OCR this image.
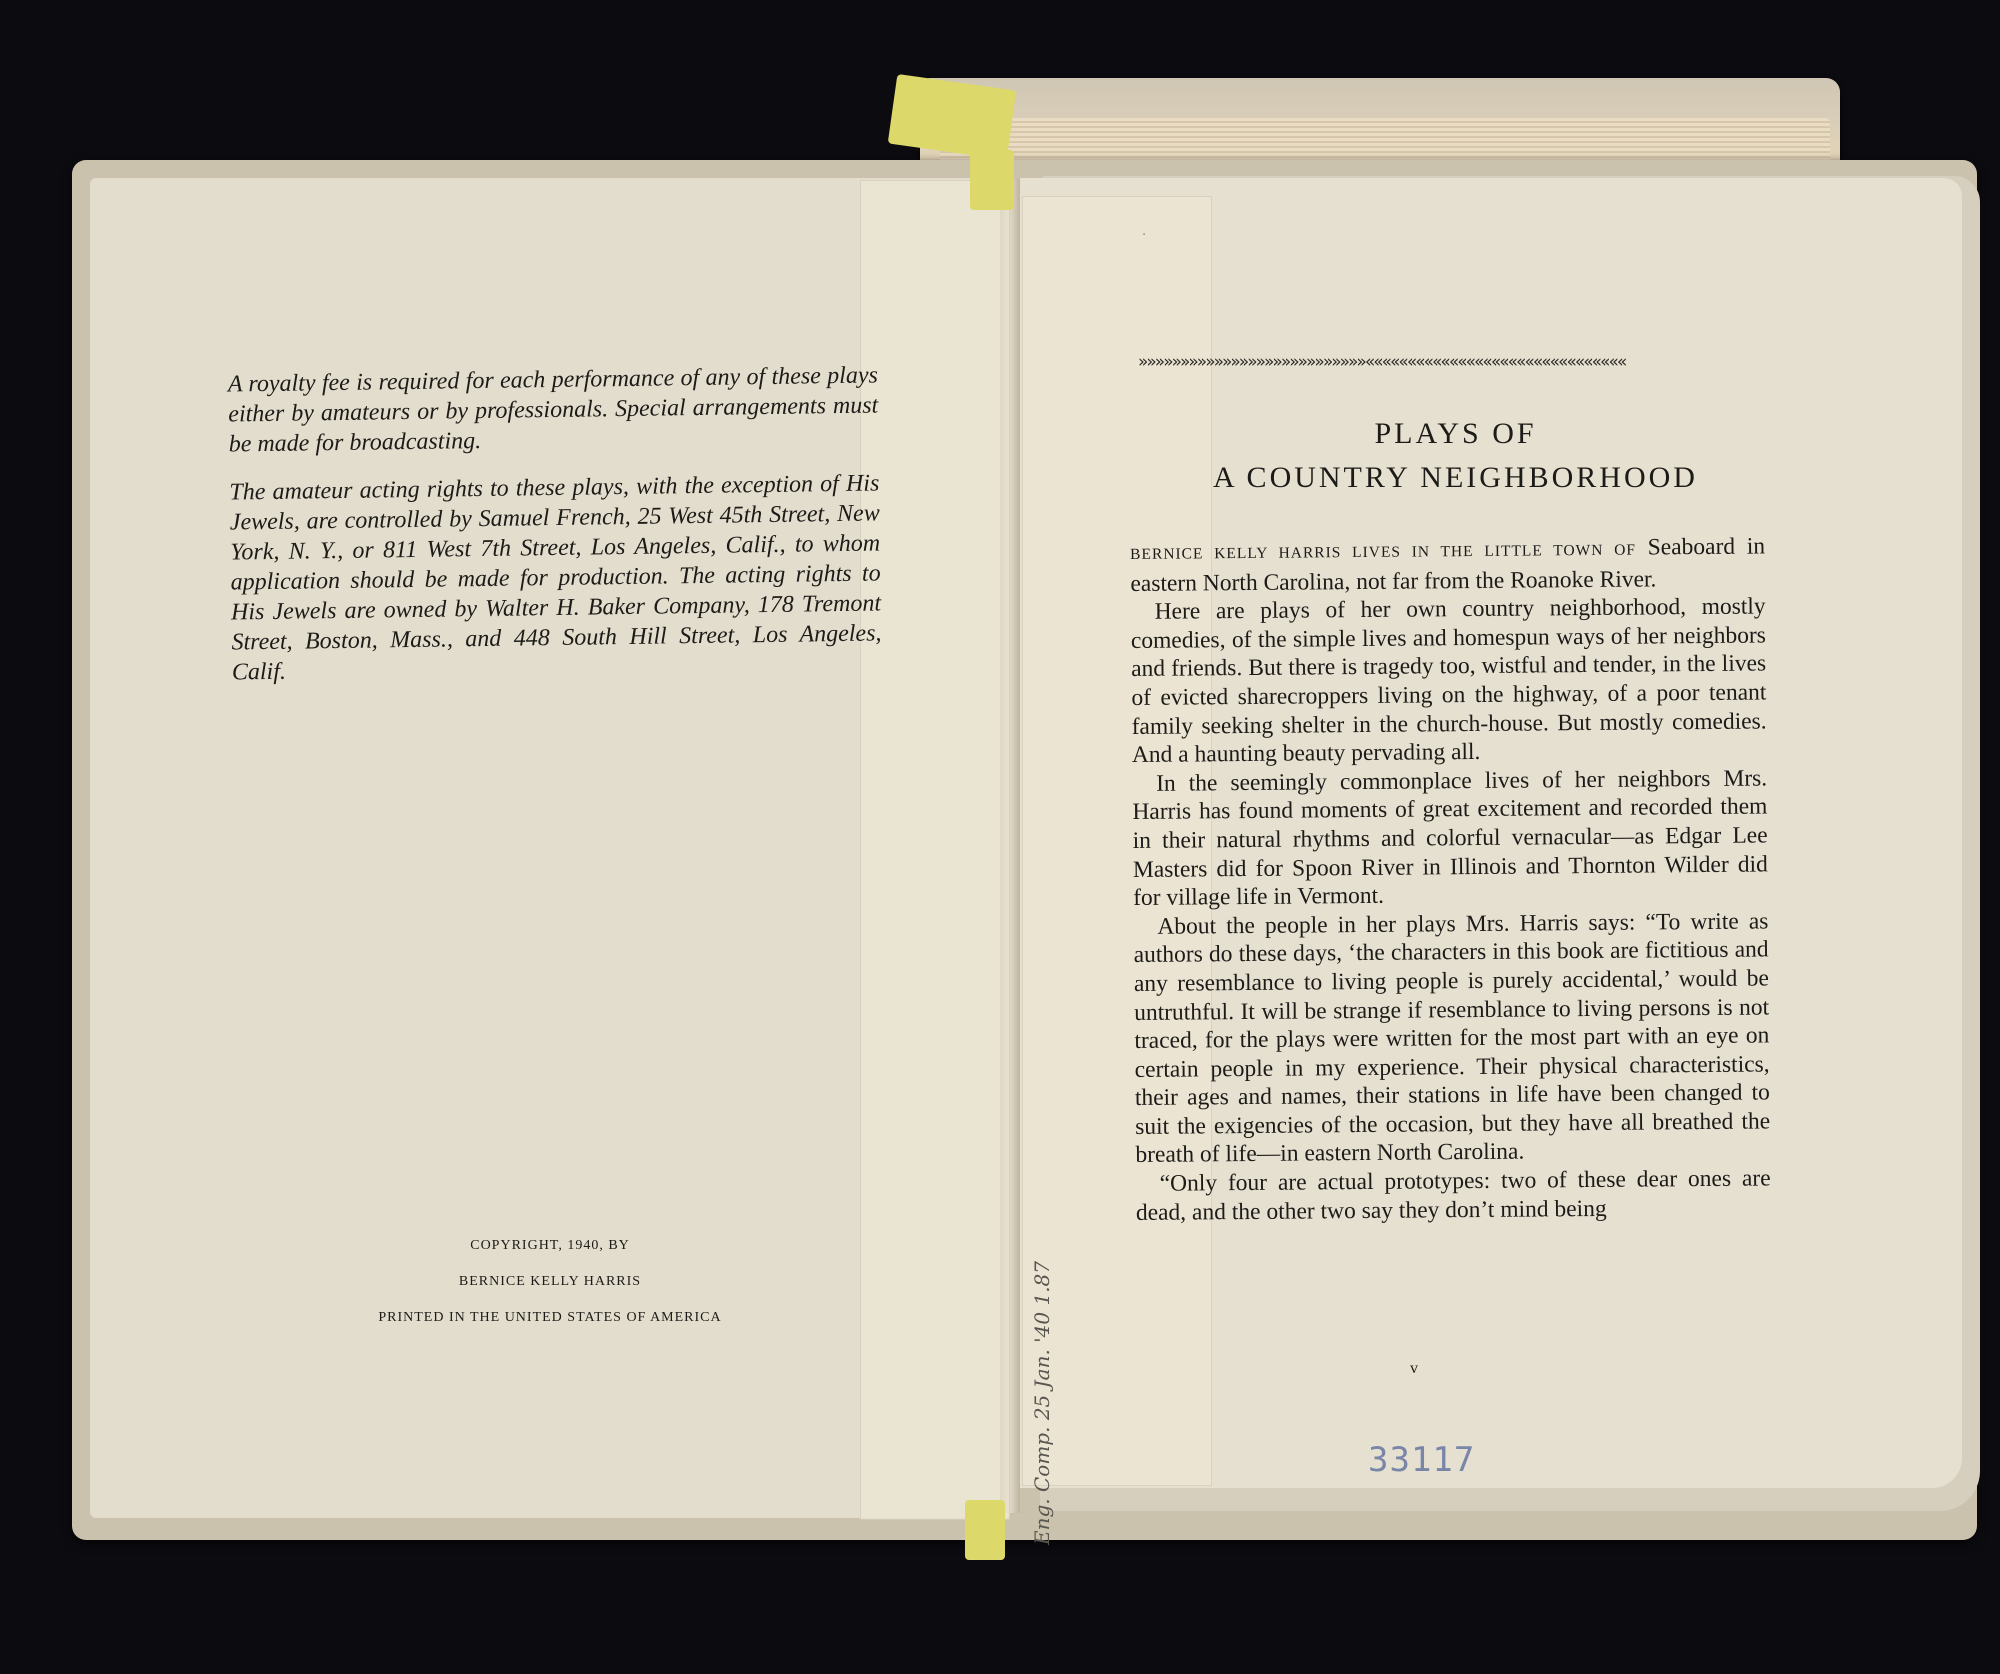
·

A royalty fee is required for each performance of any of these plays either by amateurs or by professionals. Special arrangements must be made for broadcasting.

The amateur acting rights to these plays, with the exception of His Jewels, are controlled by Samuel French, 25 West 45th Street, New York, N. Y., or 811 West 7th Street, Los Angeles, Calif., to whom application should be made for production. The acting rights to His Jewels are owned by Walter H. Baker Company, 178 Tremont Street, Boston, Mass., and 448 South Hill Street, Los Angeles, Calif.

COPYRIGHT, 1940, BY
BERNICE KELLY HARRIS
PRINTED IN THE UNITED STATES OF AMERICA
»»»»»»»»»»»»»»»»»»»»»»»»»»»«««««««««««««««««««««««««««««««
PLAYS OF
A COUNTRY NEIGHBORHOOD

BERNICE KELLY HARRIS LIVES IN THE LITTLE TOWN OF Seaboard in eastern North Carolina, not far from the Roanoke River.

Here are plays of her own country neighborhood, mostly comedies, of the simple lives and homespun ways of her neighbors and friends. But there is tragedy too, wistful and tender, in the lives of evicted sharecroppers living on the highway, of a poor tenant family seeking shelter in the church-house. But mostly comedies. And a haunting beauty pervading all.

In the seemingly commonplace lives of her neighbors Mrs. Harris has found moments of great excitement and recorded them in their natural rhythms and colorful vernacular—as Edgar Lee Masters did for Spoon River in Illinois and Thornton Wilder did for village life in Vermont.

About the people in her plays Mrs. Harris says: “To write as authors do these days, ‘the characters in this book are fictitious and any resemblance to living people is purely accidental,’ would be untruthful. It will be strange if resemblance to living persons is not traced, for the plays were written for the most part with an eye on certain people in my experience. Their physical characteristics, their ages and names, their stations in life have been changed to suit the exigencies of the occasion, but they have all breathed the breath of life—in eastern North Carolina.

“Only four are actual prototypes: two of these dear ones are dead, and the other two say they don’t mind being

v
33117
Eng. Comp. 25 Jan. '40 1.87
